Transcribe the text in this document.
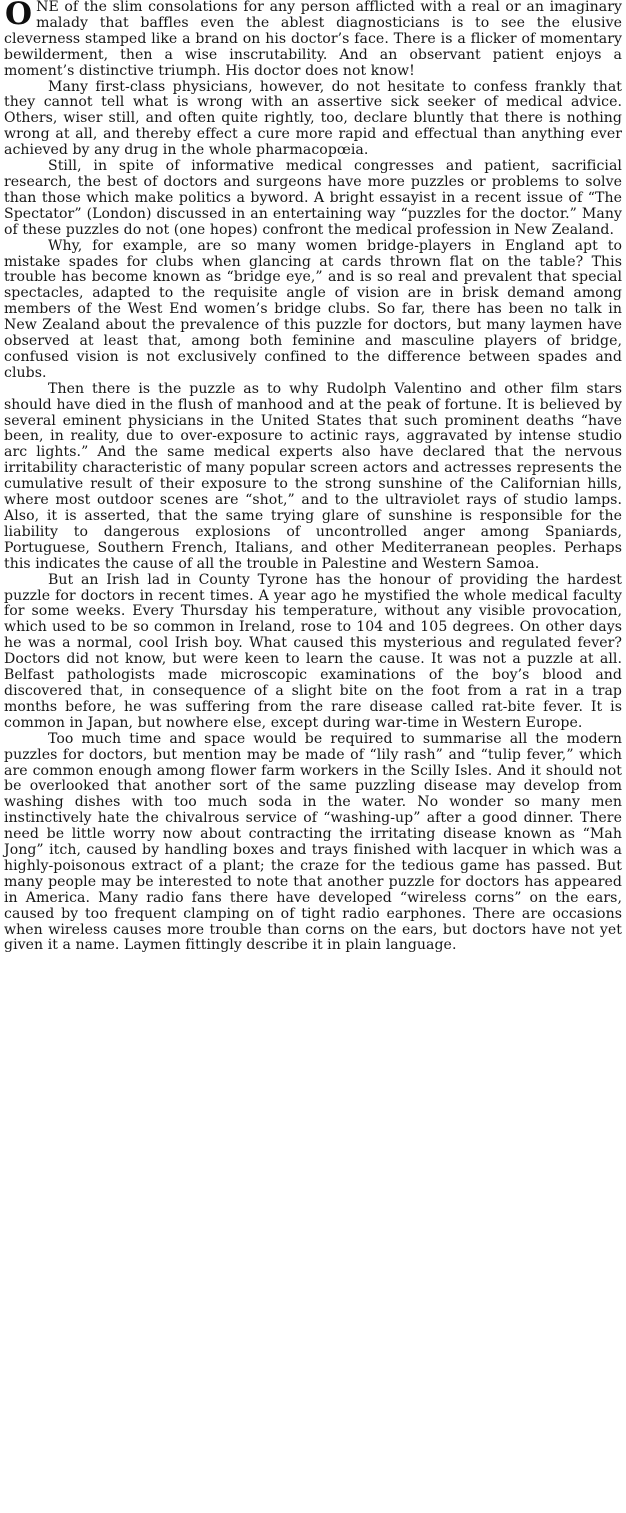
ONE of the slim consolations for any person afflicted with a real or an imaginary malady that baffles even the ablest diagnosticians is to see the elusive cleverness stamped like a brand on his doctor’s face. There is a flicker of momentary bewilderment, then a wise inscrutability. And an observant patient enjoys a moment’s distinctive triumph. His doctor does not know!

Many first-class physicians, however, do not hesitate to confess frankly that they cannot tell what is wrong with an assertive sick seeker of medical advice. Others, wiser still, and often quite rightly, too, declare bluntly that there is nothing wrong at all, and thereby effect a cure more rapid and effectual than anything ever achieved by any drug in the whole pharmacopœia.

Still, in spite of informative medical congresses and patient, sacrificial research, the best of doctors and surgeons have more puzzles or problems to solve than those which make politics a byword. A bright essayist in a recent issue of “The Spectator” (London) discussed in an entertaining way “puzzles for the doctor.” Many of these puzzles do not (one hopes) confront the medical profession in New Zealand.

Why, for example, are so many women bridge-players in England apt to mistake spades for clubs when glancing at cards thrown flat on the table? This trouble has become known as “bridge eye,” and is so real and prevalent that special spectacles, adapted to the requisite angle of vision are in brisk demand among members of the West End women’s bridge clubs. So far, there has been no talk in New Zealand about the prevalence of this puzzle for doctors, but many laymen have observed at least that, among both feminine and masculine players of bridge, confused vision is not exclusively confined to the difference between spades and clubs.

Then there is the puzzle as to why Rudolph Valentino and other film stars should have died in the flush of manhood and at the peak of fortune. It is believed by several eminent physicians in the United States that such prominent deaths “have been, in reality, due to over-exposure to actinic rays, aggravated by intense studio arc lights.” And the same medical experts also have declared that the nervous irritability characteristic of many popular screen actors and actresses represents the cumulative result of their exposure to the strong sunshine of the Californian hills, where most outdoor scenes are “shot,” and to the ultraviolet rays of studio lamps. Also, it is asserted, that the same trying glare of sunshine is responsible for the liability to dangerous explosions of uncontrolled anger among Spaniards, Portuguese, Southern French, Italians, and other Mediterranean peoples. Perhaps this indicates the cause of all the trouble in Palestine and Western Samoa.

But an Irish lad in County Tyrone has the honour of providing the hardest puzzle for doctors in recent times. A year ago he mystified the whole medical faculty for some weeks. Every Thursday his temperature, without any visible provocation, which used to be so common in Ireland, rose to 104 and 105 degrees. On other days he was a normal, cool Irish boy. What caused this mysterious and regulated fever? Doctors did not know, but were keen to learn the cause. It was not a puzzle at all. Belfast pathologists made microscopic examinations of the boy’s blood and discovered that, in consequence of a slight bite on the foot from a rat in a trap months before, he was suffering from the rare disease called rat-bite fever. It is common in Japan, but nowhere else, except during war-time in Western Europe.

Too much time and space would be required to summarise all the modern puzzles for doctors, but mention may be made of “lily rash” and “tulip fever,” which are common enough among flower farm workers in the Scilly Isles. And it should not be overlooked that another sort of the same puzzling disease may develop from washing dishes with too much soda in the water. No wonder so many men instinctively hate the chivalrous service of “washing-up” after a good dinner. There need be little worry now about contracting the irritating disease known as “Mah Jong” itch, caused by handling boxes and trays finished with lacquer in which was a highly-poisonous extract of a plant; the craze for the tedious game has passed. But many people may be interested to note that another puzzle for doctors has appeared in America. Many radio fans there have developed “wireless corns” on the ears, caused by too frequent clamping on of tight radio earphones. There are occasions when wireless causes more trouble than corns on the ears, but doctors have not yet given it a name. Laymen fittingly describe it in plain language.
